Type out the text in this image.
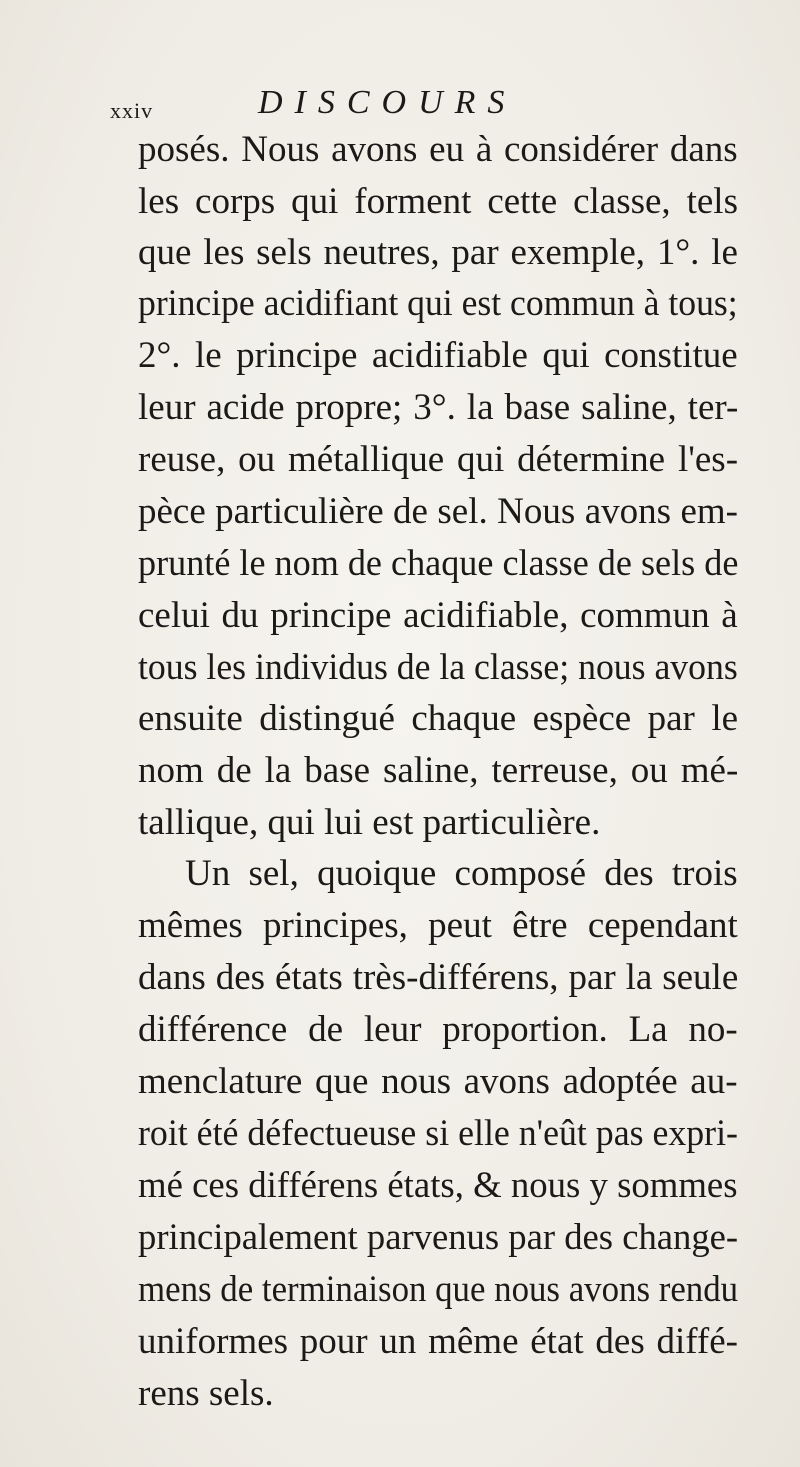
xxiv	DISCOURS
posés. Nous avons eu à considérer dans
les corps qui forment cette classe, tels
que les sels neutres, par exemple, 1°. le
principe acidifiant qui est commun à tous;
2°. le principe acidifiable qui constitue
leur acide propre; 3°. la base saline, ter-
reuse, ou métallique qui détermine l'es-
pèce particulière de sel. Nous avons em-
prunté le nom de chaque classe de sels de
celui du principe acidifiable, commun à
tous les individus de la classe; nous avons
ensuite distingué chaque espèce par le
nom de la base saline, terreuse, ou mé-
tallique, qui lui est particulière.
Un sel, quoique composé des trois
mêmes principes, peut être cependant
dans des états très-différens, par la seule
différence de leur proportion. La no-
menclature que nous avons adoptée au-
roit été défectueuse si elle n'eût pas expri-
mé ces différens états, & nous y sommes
principalement parvenus par des change-
mens de terminaison que nous avons rendu
uniformes pour un même état des diffé-
rens sels.
